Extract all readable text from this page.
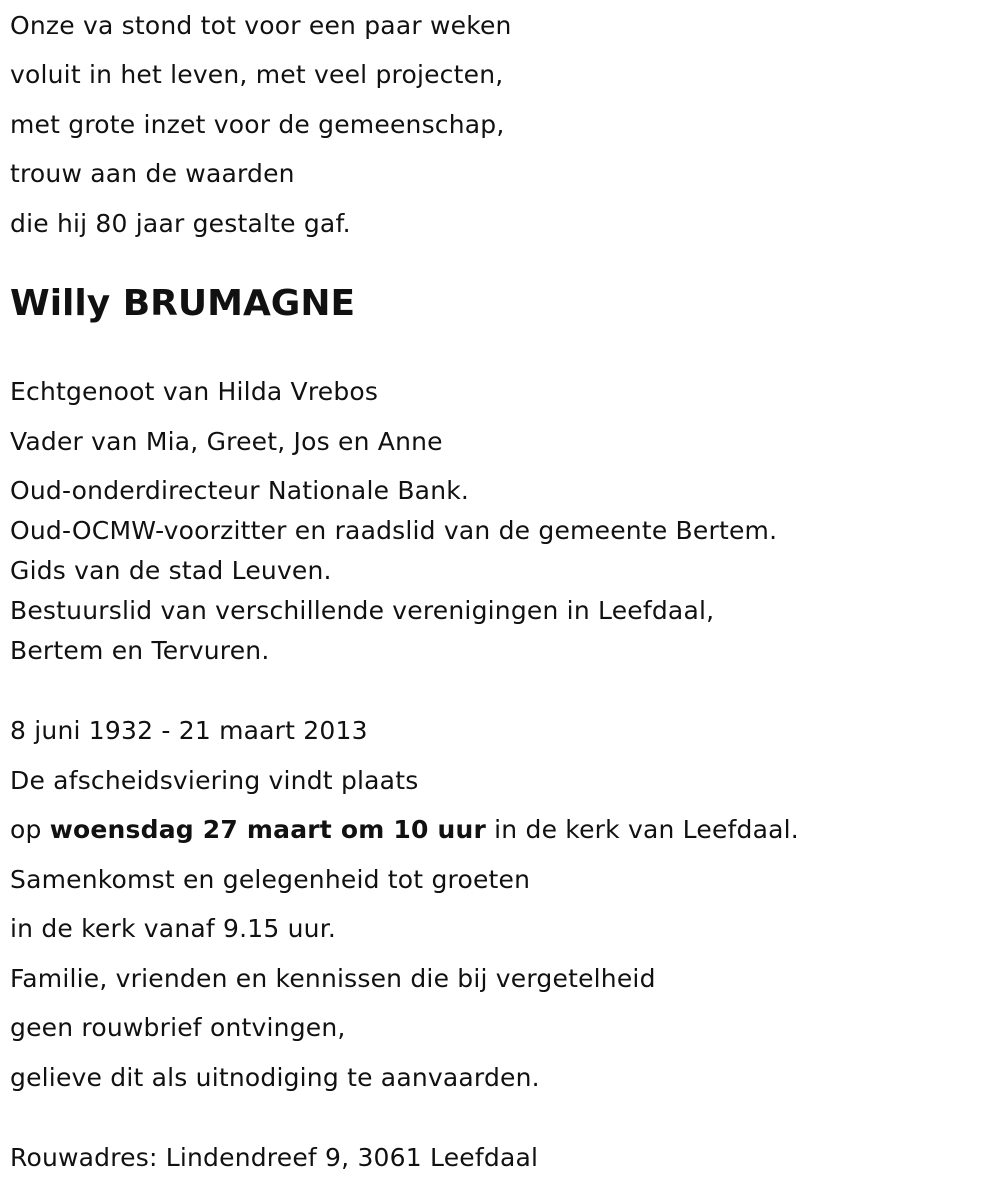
Onze va stond tot voor een paar weken
voluit in het leven, met veel projecten,
met grote inzet voor de gemeenschap,
trouw aan de waarden
die hij 80 jaar gestalte gaf.
Willy BRUMAGNE
Echtgenoot van Hilda Vrebos
Vader van Mia, Greet, Jos en Anne
Oud-onderdirecteur Nationale Bank.
Oud-OCMW-voorzitter en raadslid van de gemeente Bertem.
Gids van de stad Leuven.
Bestuurslid van verschillende verenigingen in Leefdaal,
Bertem en Tervuren.
8 juni 1932 - 21 maart 2013
De afscheidsviering vindt plaats
op woensdag 27 maart om 10 uur in de kerk van Leefdaal.
Samenkomst en gelegenheid tot groeten
in de kerk vanaf 9.15 uur.
Familie, vrienden en kennissen die bij vergetelheid
geen rouwbrief ontvingen,
gelieve dit als uitnodiging te aanvaarden.
Rouwadres: Lindendreef 9, 3061 Leefdaal
